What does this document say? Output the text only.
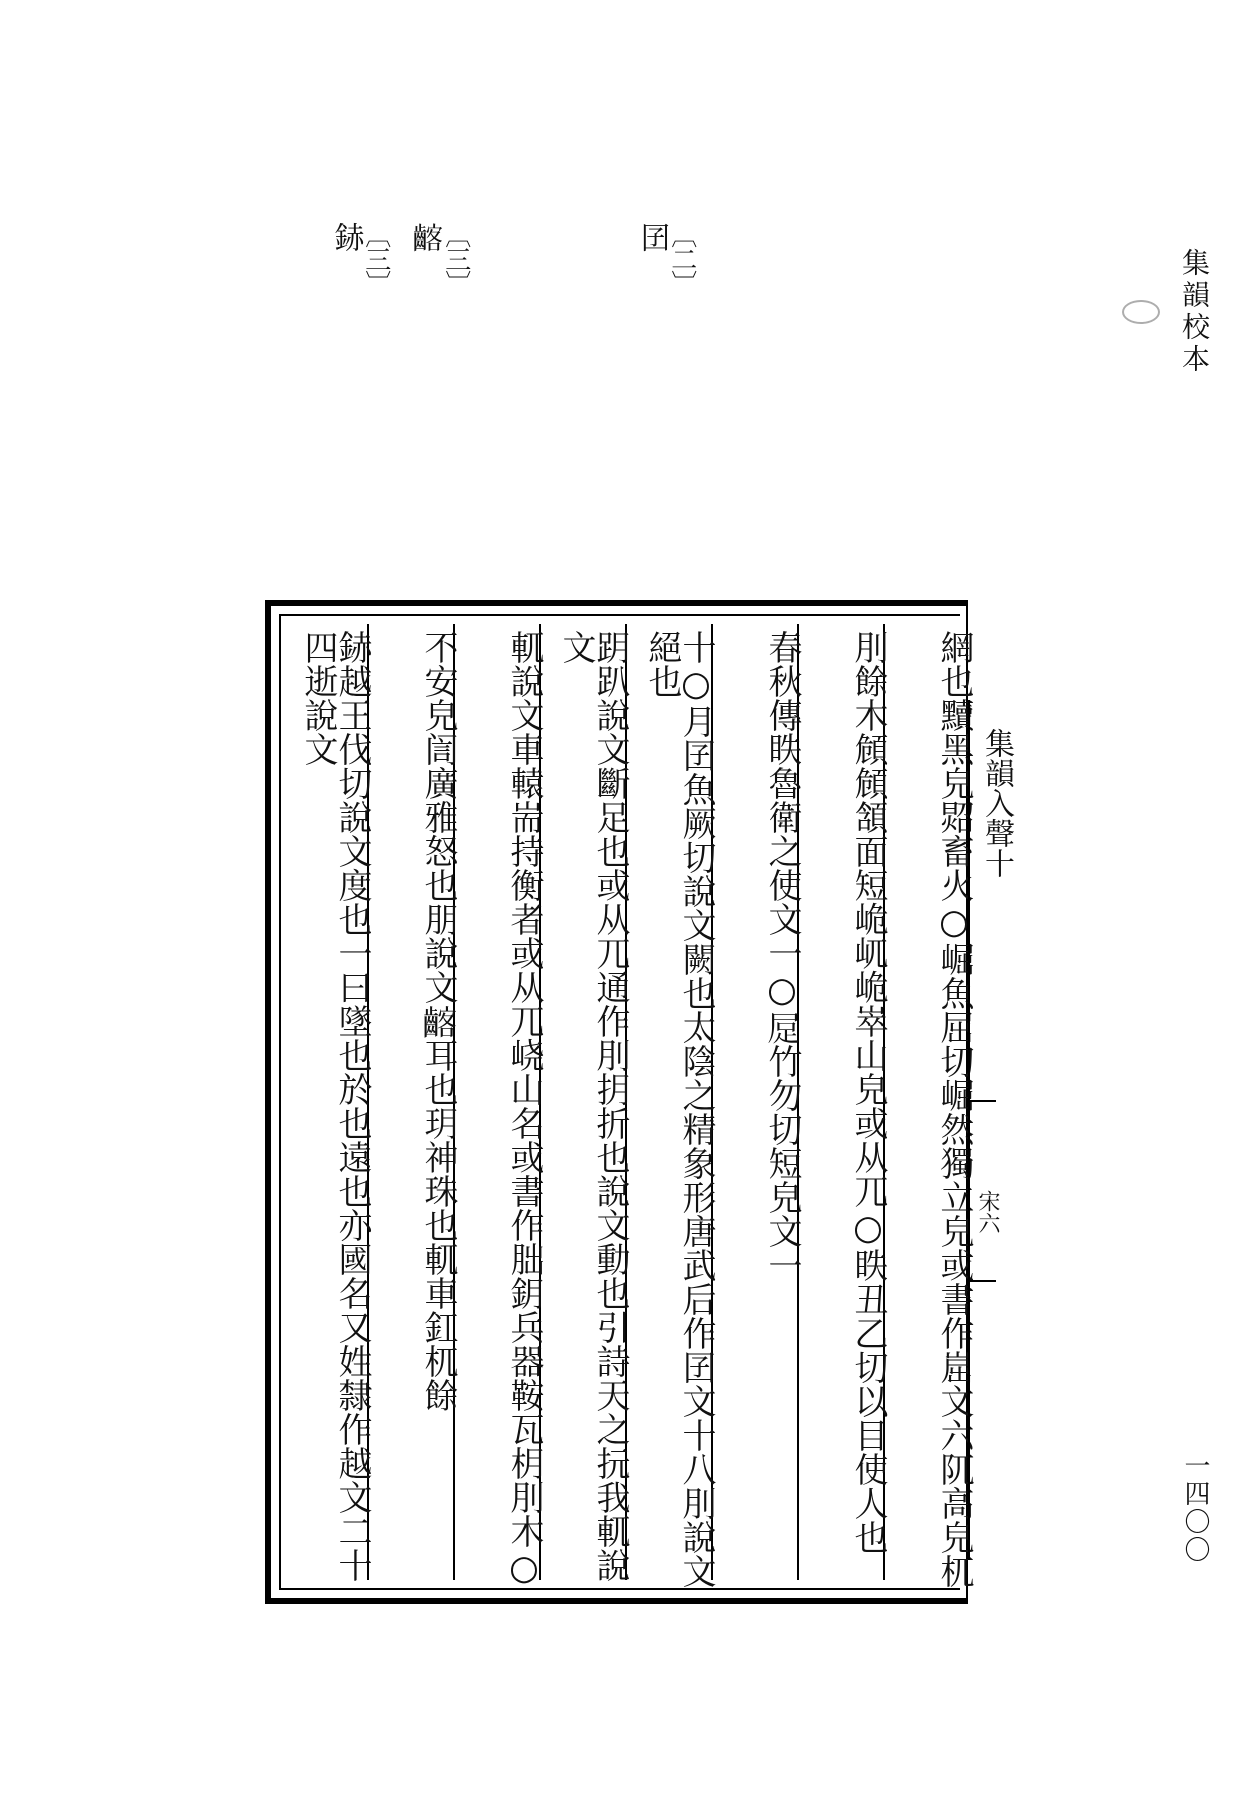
集韻校本
一四〇〇
〔二〕
囝
〔三〕
𪘺
〔三〕
䤲
網也黷黑皃㷖畜火○崛魚屈切崛然獨立皃或書作崫文六阢高皃杌
刖餘木頠頠頷面短峗屼峗崒山皃或从兀○眣丑乙切以目使人也
春秋傳眣魯衛之使文一○𧿃竹勿切短皃文一
十○月囝魚厥切說文闕也太陰之精象形唐武后作囝文十八刖說文絕也
跀趴說文斷足也或从兀通作刖抈折也說文動也引詩天之抏我軏說文
軏說文車轅耑持衡者或从兀峣山名或書作朏鈅兵器鞍瓦枂刖木○
不安皃訚廣雅怒也朋說文𪘺耳也玥神珠也軏車釭杌餘
䤲越王伐切說文度也一曰墜也於也遠也亦國名又姓隸作越文二十四逝說文
集韻入聲十
宋六
